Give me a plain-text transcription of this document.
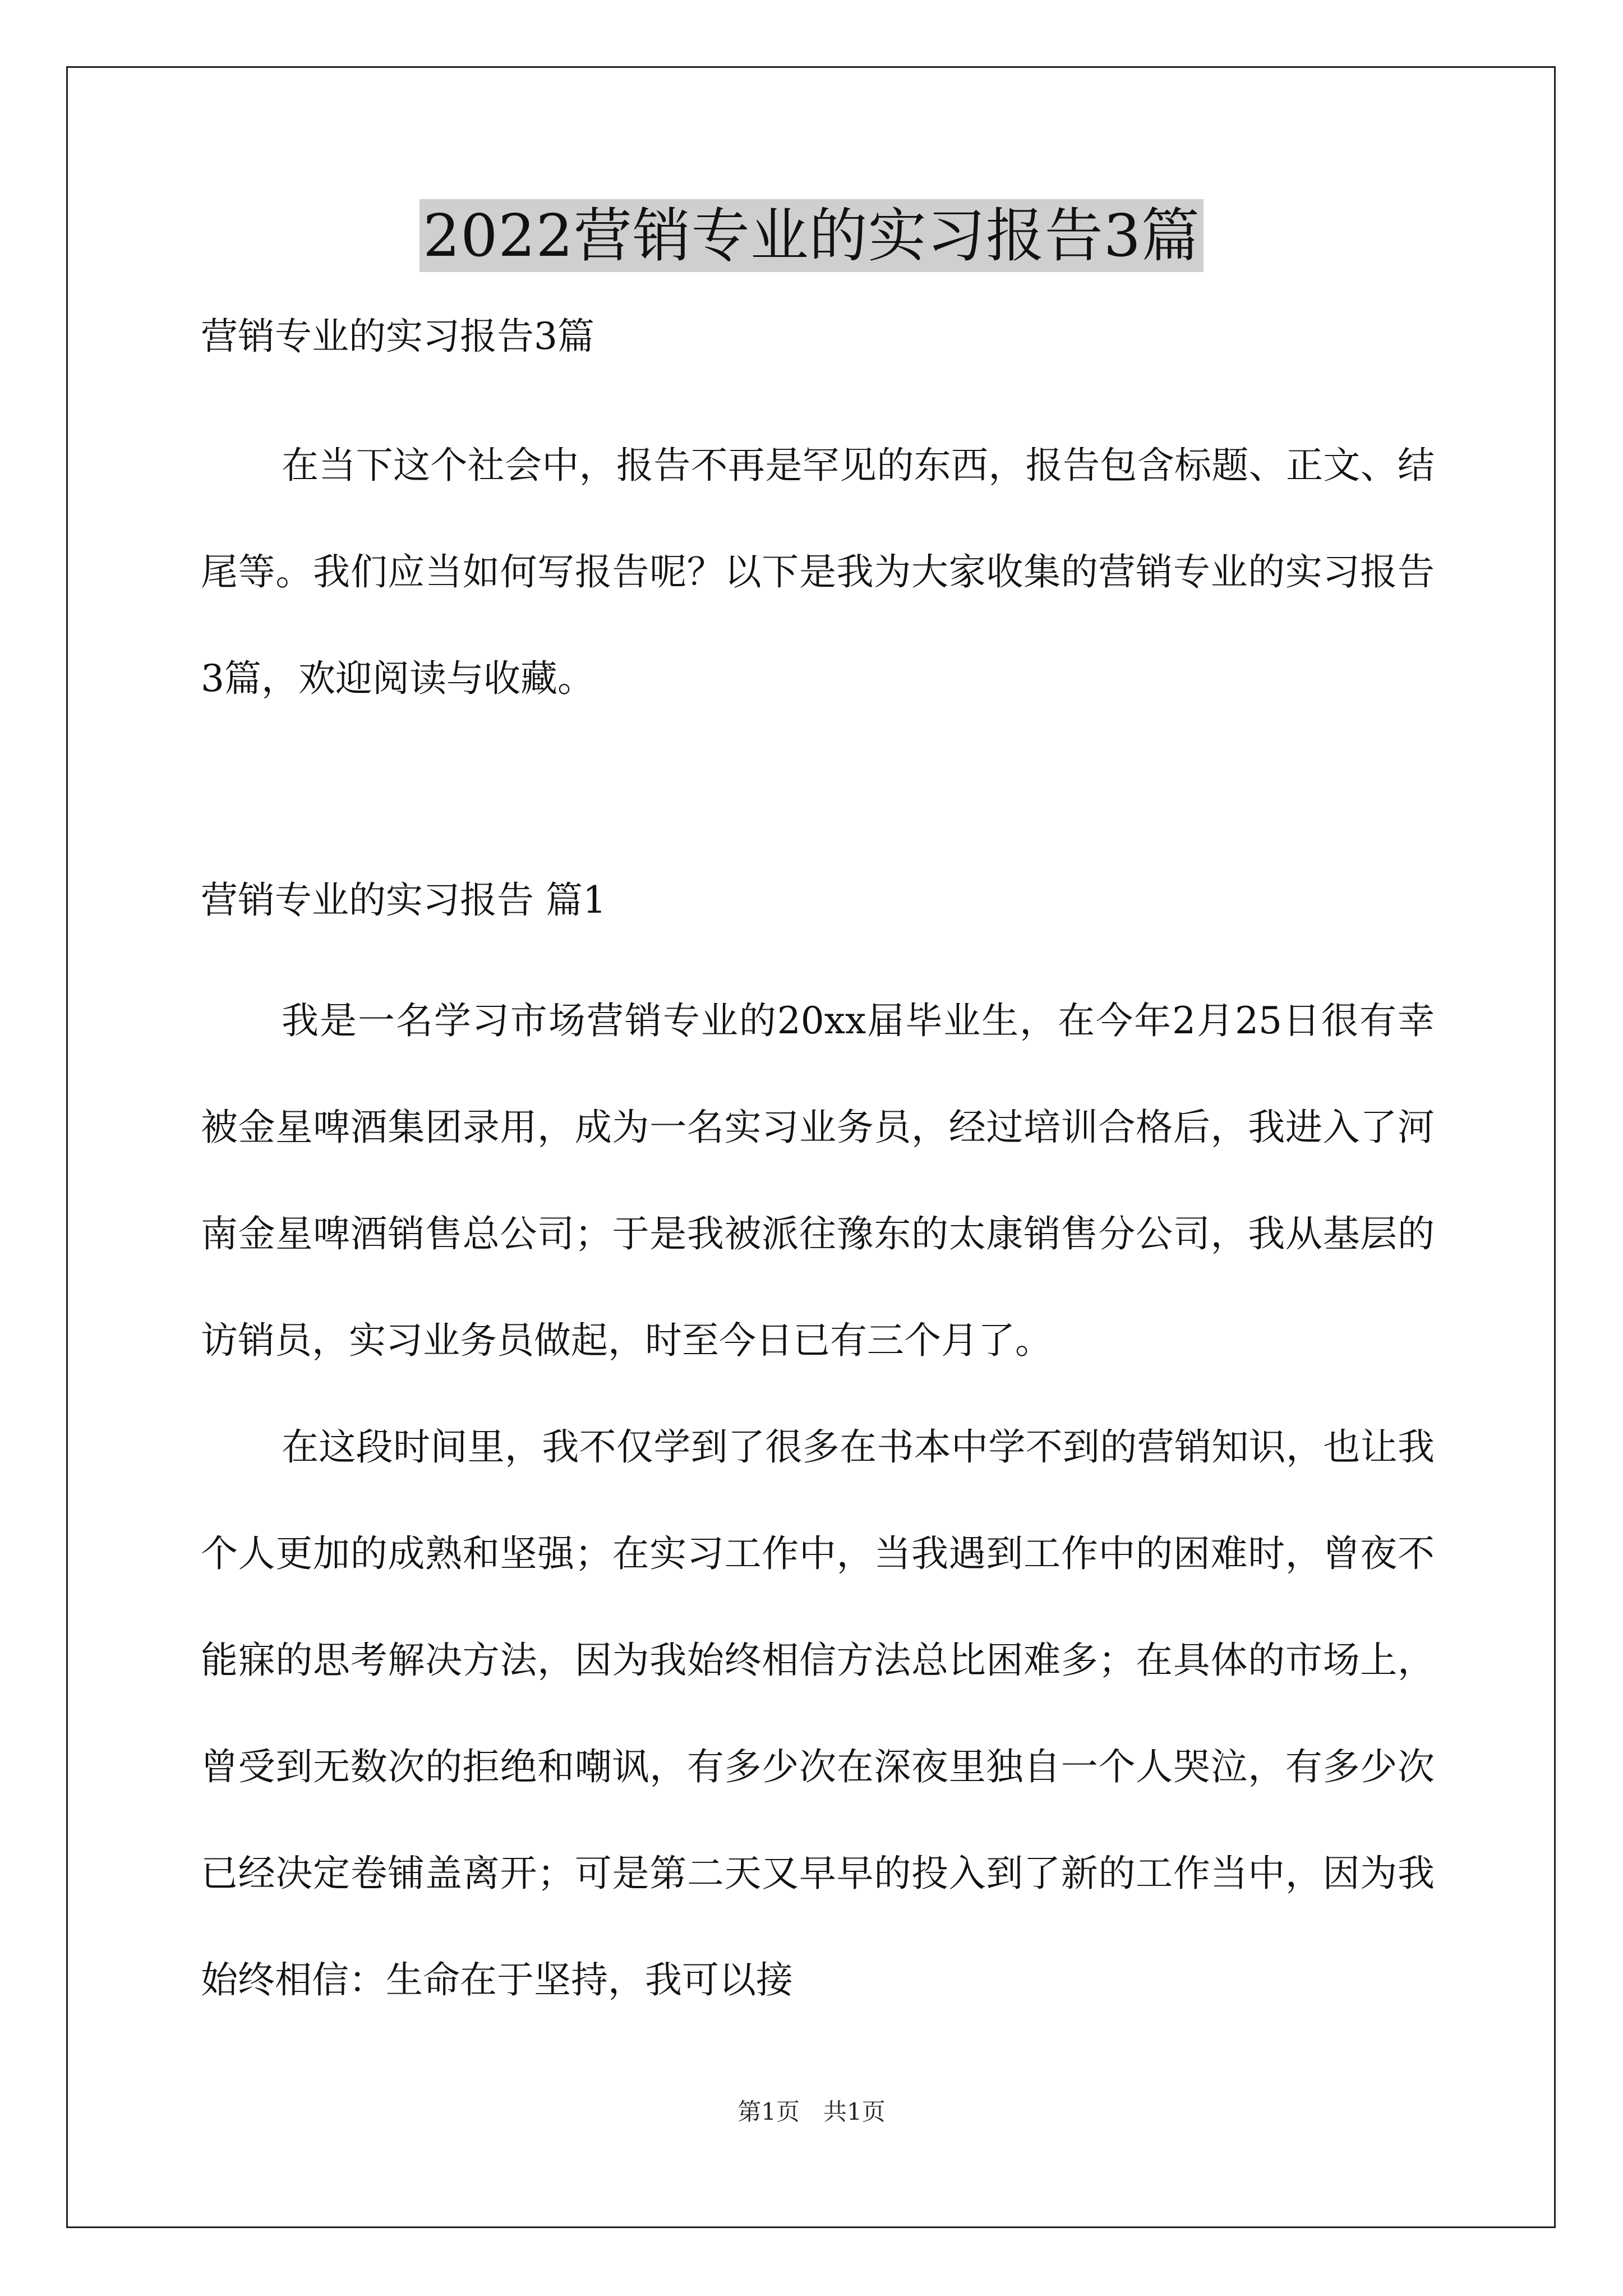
2022营销专业的实习报告3篇

营销专业的实习报告3篇

在当下这个社会中，报告不再是罕见的东西，报告包含标题、正文、结尾等。我们应当如何写报告呢？以下是我为大家收集的营销专业的实习报告3篇，欢迎阅读与收藏。

营销专业的实习报告 篇1

我是一名学习市场营销专业的20xx届毕业生，在今年2月25日很有幸被金星啤酒集团录用，成为一名实习业务员，经过培训合格后，我进入了河南金星啤酒销售总公司；于是我被派往豫东的太康销售分公司，我从基层的访销员，实习业务员做起，时至今日已有三个月了。

在这段时间里，我不仅学到了很多在书本中学不到的营销知识，也让我个人更加的成熟和坚强；在实习工作中，当我遇到工作中的困难时，曾夜不能寐的思考解决方法，因为我始终相信方法总比困难多；在具体的市场上，曾受到无数次的拒绝和嘲讽，有多少次在深夜里独自一个人哭泣，有多少次已经决定卷铺盖离开；可是第二天又早早的投入到了新的工作当中，因为我始终相信：生命在于坚持，我可以接

第1页 共1页
